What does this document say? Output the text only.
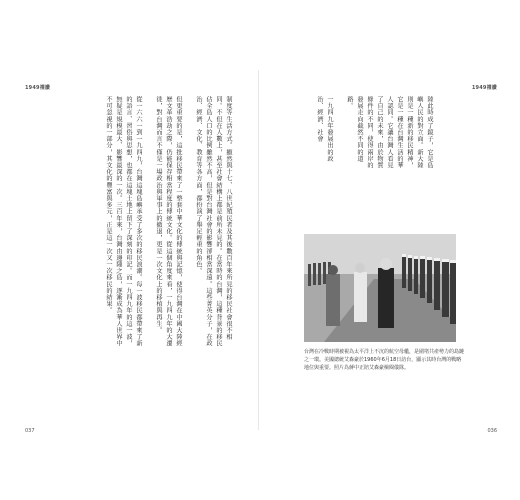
1949禮讚
制度等生活方式。顯然與十七、八世紀殖民者及其後數百年來所見的移民社會很不相同。不但在人數上，甚至社會結構上都是前所未見的。在當時的台灣，這種背景的移民佔全島人口的比例雖然不高，但是對台灣社會的影響卻相當深遠。這些菁英分子，在政治、經濟、文化、教育等各方面，都扮演了舉足輕重的角色。

但更重要的是，這批移民帶來了一整套中華文化的傳統與記憶，使得台灣在中國大陸經歷文革浩劫之際，仍能保存相當程度的傳統文化。從這個角度來看，一九四九年的大遷徙，對台灣而言不僅是一場政治與軍事上的撤退，更是一次文化上的移植與再生。

從一六六一到一九四九，台灣這塊島嶼承受了多次的移民浪潮。每一波移民都帶來了新的語言、習俗與思想，也都在這塊土地上留下了深刻的印記。而一九四九年的這一波，無疑是規模最大、影響最深的一次。三百年來，台灣由邊陲之島，逐漸成為華人世界中不可忽視的一部分，其文化的豐富與多元，正是這一次又一次移民的結果。
037
1949禮讚
陸此時成了鏡子，它是島嶼人民的對立面。新大陸則是一種新的移民精神，它是一種在台灣生活的華人認同。它讓台灣人看見了自己的未來，由於物質條件的不同，使得兩岸的發展走向截然不同的道路。

一九四九年發展出的政治、經濟、社會
台灣在冷戰時期被視為太平洋上不沉的航空母艦，是圍堵共產勢力的島鏈之一環。美國總統艾森豪於1960年6月18日訪台，顯示其時台灣的戰略地位與重要。照片為蔣中正陪艾森豪檢閱儀隊。
036
